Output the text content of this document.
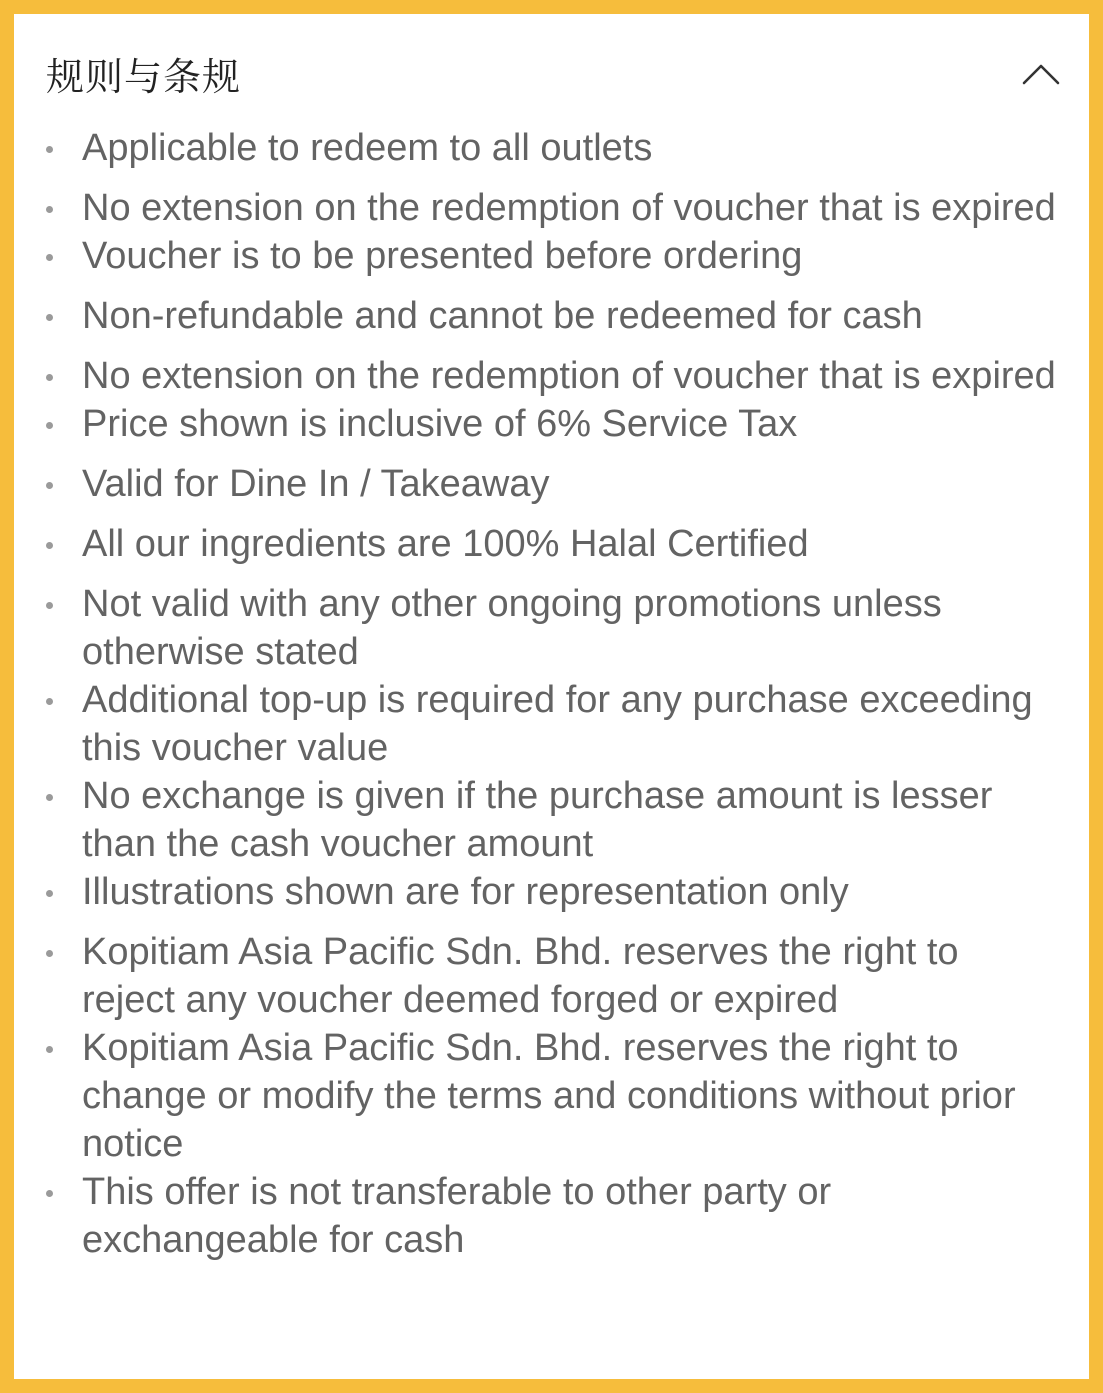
规则与条规
Applicable to redeem to all outlets
No extension on the redemption of voucher that is expired
Voucher is to be presented before ordering
Non-refundable and cannot be redeemed for cash
No extension on the redemption of voucher that is expired
Price shown is inclusive of 6% Service Tax
Valid for Dine In / Takeaway
All our ingredients are 100% Halal Certified
Not valid with any other ongoing promotions unless otherwise stated
Additional top-up is required for any purchase exceeding this voucher value
No exchange is given if the purchase amount is lesser than the cash voucher amount
Illustrations shown are for representation only
Kopitiam Asia Pacific Sdn. Bhd. reserves the right to reject any voucher deemed forged or expired
Kopitiam Asia Pacific Sdn. Bhd. reserves the right to change or modify the terms and conditions without prior notice
This offer is not transferable to other party or exchangeable for cash
